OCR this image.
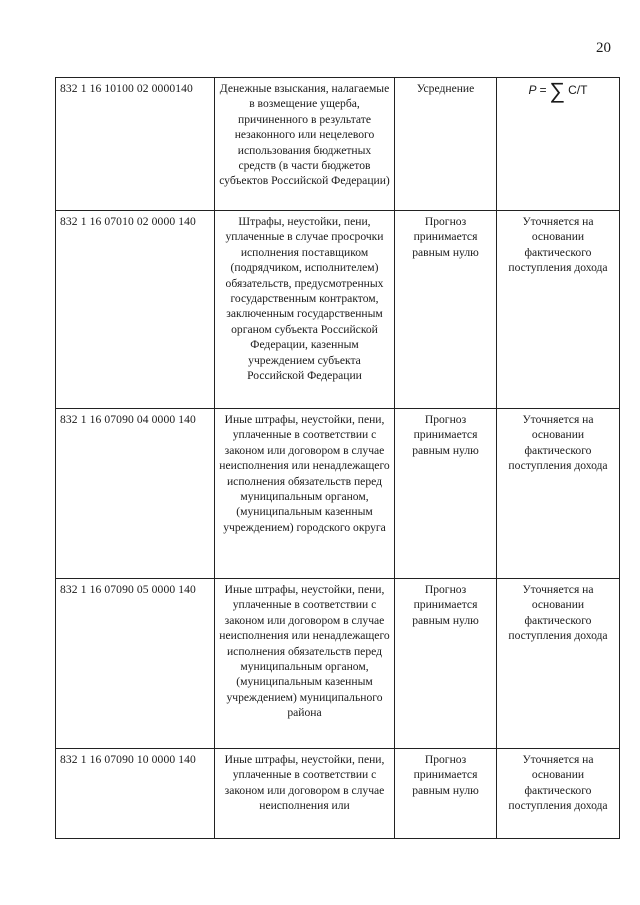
20
832 1 16 10100 02 0000140	Денежные взыскания, налагаемые в возмещение ущерба, причиненного в результате незаконного или нецелевого использования бюджетных средств (в части бюджетов субъектов Российской Федерации)	Усреднение	P = ∑ C/T

832 1 16 07010 02 0000 140	Штрафы, неустойки, пени, уплаченные в случае просрочки исполнения поставщиком (подрядчиком, исполнителем) обязательств, предусмотренных государственным контрактом, заключенным государственным органом субъекта Российской Федерации, казенным учреждением субъекта Российской Федерации	Прогноз принимается равным нулю	Уточняется на основании фактического поступления дохода
832 1 16 07090 04 0000 140	Иные штрафы, неустойки, пени, уплаченные в соответствии с законом или договором в случае неисполнения или ненадлежащего исполнения обязательств перед муниципальным органом, (муниципальным казенным учреждением) городского округа	Прогноз принимается равным нулю	Уточняется на основании фактического поступления дохода
832 1 16 07090 05 0000 140	Иные штрафы, неустойки, пени, уплаченные в соответствии с законом или договором в случае неисполнения или ненадлежащего исполнения обязательств перед муниципальным органом, (муниципальным казенным учреждением) муниципального района	Прогноз принимается равным нулю	Уточняется на основании фактического поступления дохода
832 1 16 07090 10 0000 140	Иные штрафы, неустойки, пени, уплаченные в соответствии с законом или договором в случае неисполнения или	Прогноз принимается равным нулю	Уточняется на основании фактического поступления дохода
